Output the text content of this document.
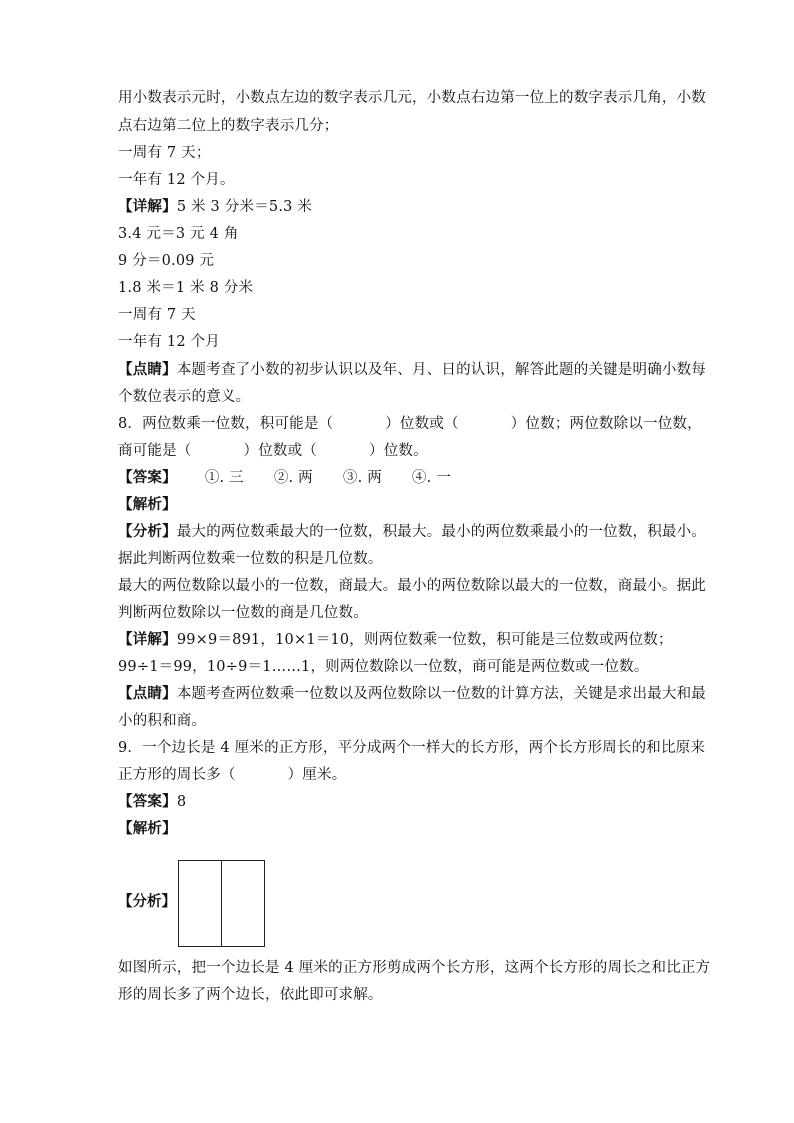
用小数表示元时，小数点左边的数字表示几元，小数点右边第一位上的数字表示几角，小数
点右边第二位上的数字表示几分；
一周有 7 天；
一年有 12 个月。
【详解】5 米 3 分米＝5.3 米
3.4 元＝3 元 4 角
9 分＝0.09 元
1.8 米＝1 米 8 分米
一周有 7 天
一年有 12 个月
【点睛】本题考查了小数的初步认识以及年、月、日的认识，解答此题的关键是明确小数每
个数位表示的意义。
8．两位数乘一位数，积可能是（	）位数或（	）位数；两位数除以一位数，
商可能是（	）位数或（	）位数。
【答案】 ①. 三 ②. 两 ③. 两 ④. 一
【解析】
【分析】最大的两位数乘最大的一位数，积最大。最小的两位数乘最小的一位数，积最小。
据此判断两位数乘一位数的积是几位数。
最大的两位数除以最小的一位数，商最大。最小的两位数除以最大的一位数，商最小。据此
判断两位数除以一位数的商是几位数。
【详解】99×9＝891，10×1＝10，则两位数乘一位数，积可能是三位数或两位数；
99÷1＝99，10÷9＝1……1，则两位数除以一位数，商可能是两位数或一位数。
【点睛】本题考查两位数乘一位数以及两位数除以一位数的计算方法，关键是求出最大和最
小的积和商。
9．一个边长是 4 厘米的正方形，平分成两个一样大的长方形，两个长方形周长的和比原来
正方形的周长多（	）厘米。
【答案】8
【解析】
【分析】
如图所示，把一个边长是 4 厘米的正方形剪成两个长方形，这两个长方形的周长之和比正方
形的周长多了两个边长，依此即可求解。
